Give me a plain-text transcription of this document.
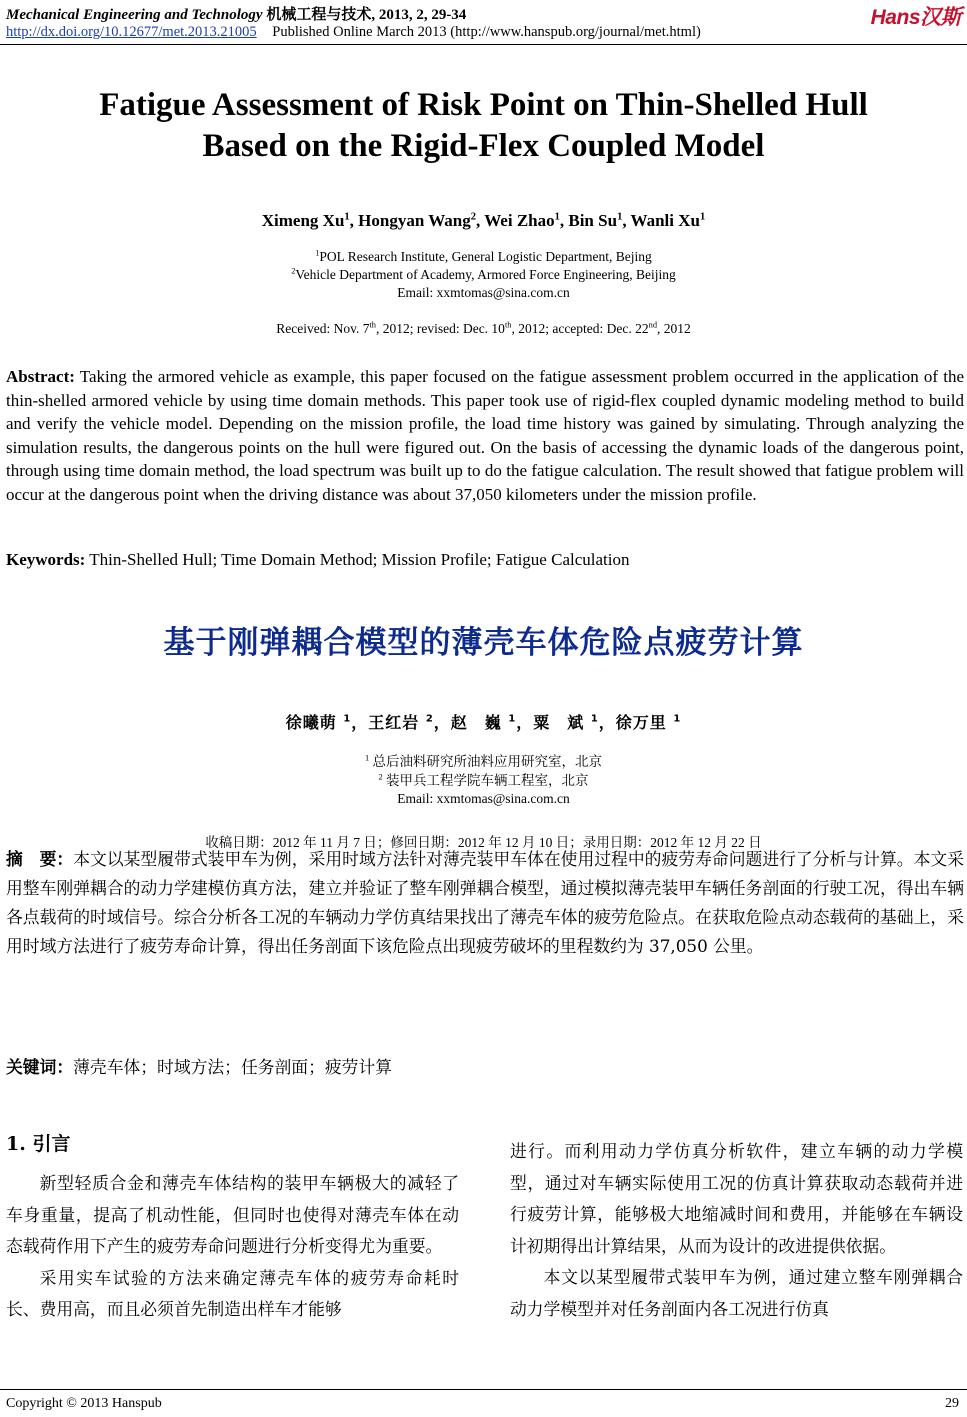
Mechanical Engineering and Technology 机械工程与技术, 2013, 2, 29-34	Hans汉斯
http://dx.doi.org/10.12677/met.2013.21005 Published Online March 2013 (http://www.hanspub.org/journal/met.html)
Fatigue Assessment of Risk Point on Thin-Shelled Hull
Based on the Rigid-Flex Coupled Model
Ximeng Xu$^1$, Hongyan Wang$^2$, Wei Zhao$^1$, Bin Su$^1$, Wanli Xu$^1$
$^1$POL Research Institute, General Logistic Department, Bejing
$^2$Vehicle Department of Academy, Armored Force Engineering, Beijing
Email: xxmtomas@sina.com.cn
Received: Nov. 7th, 2012; revised: Dec. 10th, 2012; accepted: Dec. 22nd, 2012
Abstract: Taking the armored vehicle as example, this paper focused on the fatigue assessment problem occurred in the application of the thin-shelled armored vehicle by using time domain methods. This paper took use of rigid-flex coupled dynamic modeling method to build and verify the vehicle model. Depending on the mission profile, the load time history was gained by simulating. Through analyzing the simulation results, the dangerous points on the hull were figured out. On the basis of accessing the dynamic loads of the dangerous point, through using time domain method, the load spectrum was built up to do the fatigue calculation. The result showed that fatigue problem will occur at the dangerous point when the driving distance was about 37,050 kilometers under the mission profile.
Keywords: Thin-Shelled Hull; Time Domain Method; Mission Profile; Fatigue Calculation
基于刚弹耦合模型的薄壳车体危险点疲劳计算
徐曦萌 $^1$，王红岩 $^2$，赵　巍 $^1$，粟　斌 $^1$，徐万里 $^1$
$^1$ 总后油料研究所油料应用研究室，北京
$^2$ 装甲兵工程学院车辆工程室，北京
Email: xxmtomas@sina.com.cn
收稿日期：2012 年 11 月 7 日；修回日期：2012 年 12 月 10 日；录用日期：2012 年 12 月 22 日
摘　要：本文以某型履带式装甲车为例，采用时域方法针对薄壳装甲车体在使用过程中的疲劳寿命问题进行了分析与计算。本文采用整车刚弹耦合的动力学建模仿真方法，建立并验证了整车刚弹耦合模型，通过模拟薄壳装甲车辆任务剖面的行驶工况，得出车辆各点载荷的时域信号。综合分析各工况的车辆动力学仿真结果找出了薄壳车体的疲劳危险点。在获取危险点动态载荷的基础上，采用时域方法进行了疲劳寿命计算，得出任务剖面下该危险点出现疲劳破坏的里程数约为 37,050 公里。
关键词：薄壳车体；时域方法；任务剖面；疲劳计算
1. 引言

新型轻质合金和薄壳车体结构的装甲车辆极大的减轻了车身重量，提高了机动性能，但同时也使得对薄壳车体在动态载荷作用下产生的疲劳寿命问题进行分析变得尤为重要。

采用实车试验的方法来确定薄壳车体的疲劳寿命耗时长、费用高，而且必须首先制造出样车才能够

进行。而利用动力学仿真分析软件，建立车辆的动力学模型，通过对车辆实际使用工况的仿真计算获取动态载荷并进行疲劳计算，能够极大地缩减时间和费用，并能够在车辆设计初期得出计算结果，从而为设计的改进提供依据。

本文以某型履带式装甲车为例，通过建立整车刚弹耦合动力学模型并对任务剖面内各工况进行仿真

Copyright © 2013 Hanspub	29
